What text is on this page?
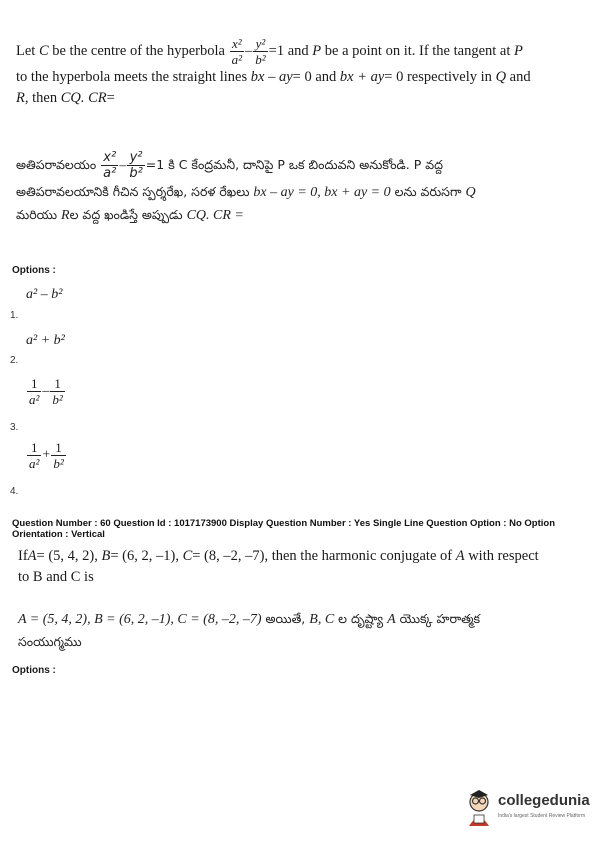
Let C be the centre of the hyperbola $\frac{\text{x²}}{\text{a²}} - \frac{\text{y²}}{\text{b²}} =1$ and P be a point on it. If the tangent at P
to the hyperbola meets the straight lines bx – ay= 0 and bx + ay= 0 respectively in Q and
R, then CQ. CR=
అతిపరావలయం $\frac{\text{x²}}{\text{a²}} - \frac{\text{y²}}{\text{b²}} =1$ కి C కేంద్రమనీ, దానిపై P ఒక బిందువని అనుకోండి. P వద్ద
అతిపరావలయానికి గీచిన స్పర్శరేఖ, సరళ రేఖలు bx – ay = 0, bx + ay = 0 లను వరుసగా Q
మరియు Rల వద్ద ఖండిస్తే అప్పుడు CQ. CR =
Options :
a² – b²
1.
a² + b²
2.
$\frac{1}{\text{a²}} - \frac{1}{\text{b²}}$
3.
$\frac{1}{\text{a²}} + \frac{1}{\text{b²}}$
4.
Question Number : 60 Question Id : 1017173900 Display Question Number : Yes Single Line Question Option : No Option
Orientation : Vertical
IfA= (5, 4, 2), B= (6, 2, –1), C= (8, –2, –7), then the harmonic conjugate of A with respect
to B and C is
A = (5, 4, 2), B = (6, 2, –1), C = (8, –2, –7) అయితే, B, C ల దృష్ట్యా A యొక్క హరాత్మక
సంయుగ్మము
Options :
collegedunia
India's largest Student Review Platform
